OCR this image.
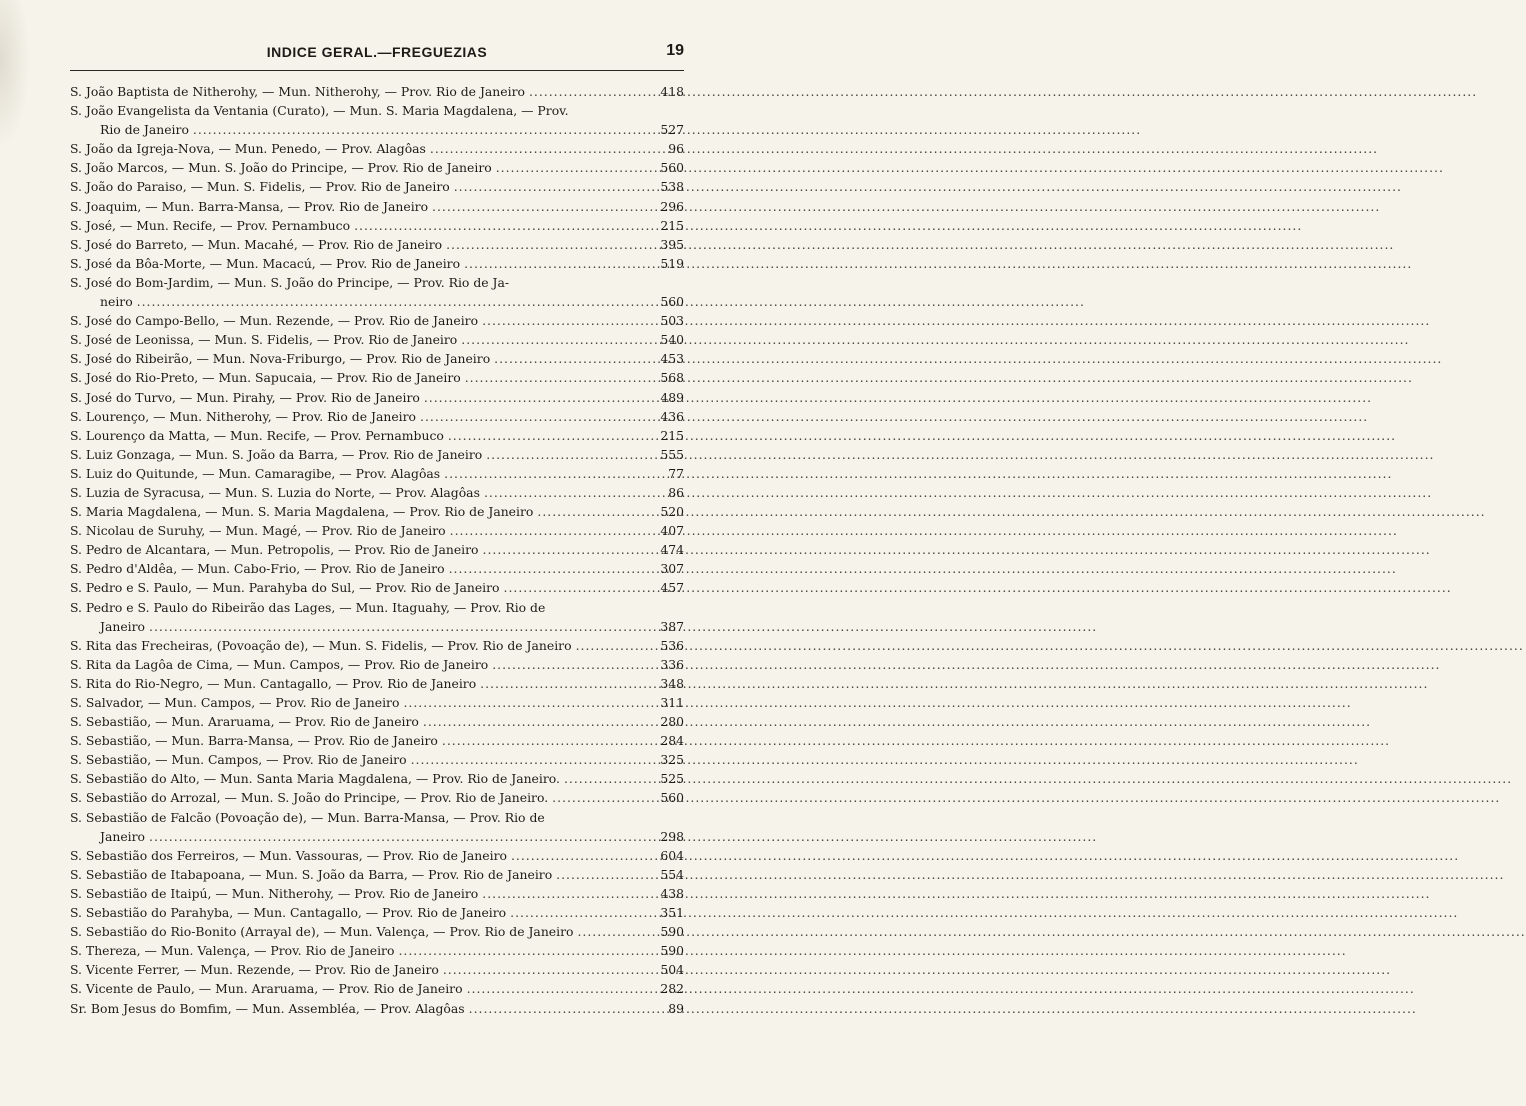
INDICE GERAL.—FREGUEZIAS	19
S. João Baptista de Nitherohy, — Mun. Nitherohy, — Prov. Rio de Janeiro .....	418
S. João Evangelista da Ventania (Curato), — Mun. S. Maria Magdalena, — Prov.
Rio de Janeiro .....	527
S. João da Igreja-Nova, — Mun. Penedo, — Prov. Alagôas .....	96
S. João Marcos, — Mun. S. João do Principe, — Prov. Rio de Janeiro .....	560
S. João do Paraiso, — Mun. S. Fidelis, — Prov. Rio de Janeiro .....	538
S. Joaquim, — Mun. Barra-Mansa, — Prov. Rio de Janeiro .....	296
S. José, — Mun. Recife, — Prov. Pernambuco .....	215
S. José do Barreto, — Mun. Macahé, — Prov. Rio de Janeiro .....	395
S. José da Bôa-Morte, — Mun. Macacú, — Prov. Rio de Janeiro .....	519
S. José do Bom-Jardim, — Mun. S. João do Principe, — Prov. Rio de Ja-
neiro .....	560
S. José do Campo-Bello, — Mun. Rezende, — Prov. Rio de Janeiro .....	503
S. José de Leonissa, — Mun. S. Fidelis, — Prov. Rio de Janeiro .....	540
S. José do Ribeirão, — Mun. Nova-Friburgo, — Prov. Rio de Janeiro .....	453
S. José do Rio-Preto, — Mun. Sapucaia, — Prov. Rio de Janeiro .....	568
S. José do Turvo, — Mun. Pirahy, — Prov. Rio de Janeiro .....	489
S. Lourenço, — Mun. Nitherohy, — Prov. Rio de Janeiro .....	436
S. Lourenço da Matta, — Mun. Recife, — Prov. Pernambuco .....	215
S. Luiz Gonzaga, — Mun. S. João da Barra, — Prov. Rio de Janeiro .....	555
S. Luiz do Quitunde, — Mun. Camaragibe, — Prov. Alagôas .....	77
S. Luzia de Syracusa, — Mun. S. Luzia do Norte, — Prov. Alagôas .....	86
S. Maria Magdalena, — Mun. S. Maria Magdalena, — Prov. Rio de Janeiro .....	520
S. Nicolau de Suruhy, — Mun. Magé, — Prov. Rio de Janeiro .....	407
S. Pedro de Alcantara, — Mun. Petropolis, — Prov. Rio de Janeiro .....	474
S. Pedro d'Aldêa, — Mun. Cabo-Frio, — Prov. Rio de Janeiro .....	307
S. Pedro e S. Paulo, — Mun. Parahyba do Sul, — Prov. Rio de Janeiro .....	457
S. Pedro e S. Paulo do Ribeirão das Lages, — Mun. Itaguahy, — Prov. Rio de
Janeiro .....	387
S. Rita das Frecheiras, (Povoação de), — Mun. S. Fidelis, — Prov. Rio de Janeiro .....	536
S. Rita da Lagôa de Cima, — Mun. Campos, — Prov. Rio de Janeiro .....	336
S. Rita do Rio-Negro, — Mun. Cantagallo, — Prov. Rio de Janeiro .....	348
S. Salvador, — Mun. Campos, — Prov. Rio de Janeiro .....	311
S. Sebastião, — Mun. Araruama, — Prov. Rio de Janeiro .....	280
S. Sebastião, — Mun. Barra-Mansa, — Prov. Rio de Janeiro .....	284
S. Sebastião, — Mun. Campos, — Prov. Rio de Janeiro .....	325
S. Sebastião do Alto, — Mun. Santa Maria Magdalena, — Prov. Rio de Janeiro. .....	525
S. Sebastião do Arrozal, — Mun. S. João do Principe, — Prov. Rio de Janeiro. .....	560
S. Sebastião de Falcão (Povoação de), — Mun. Barra-Mansa, — Prov. Rio de
Janeiro .....	298
S. Sebastião dos Ferreiros, — Mun. Vassouras, — Prov. Rio de Janeiro .....	604
S. Sebastião de Itabapoana, — Mun. S. João da Barra, — Prov. Rio de Janeiro .....	554
S. Sebastião de Itaipú, — Mun. Nitherohy, — Prov. Rio de Janeiro .....	438
S. Sebastião do Parahyba, — Mun. Cantagallo, — Prov. Rio de Janeiro .....	351
S. Sebastião do Rio-Bonito (Arrayal de), — Mun. Valença, — Prov. Rio de Janeiro .....	590
S. Thereza, — Mun. Valença, — Prov. Rio de Janeiro .....	590
S. Vicente Ferrer, — Mun. Rezende, — Prov. Rio de Janeiro .....	504
S. Vicente de Paulo, — Mun. Araruama, — Prov. Rio de Janeiro .....	282
Sr. Bom Jesus do Bomfim, — Mun. Assembléa, — Prov. Alagôas .....	89
